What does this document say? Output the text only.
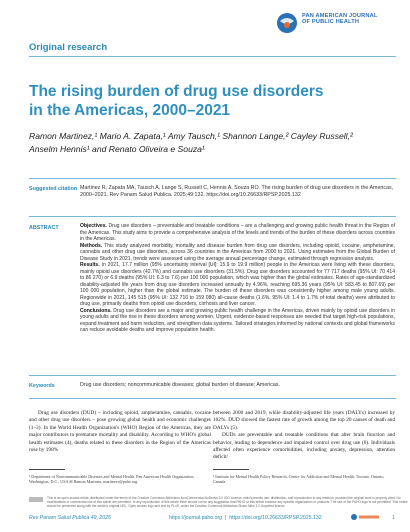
PAN AMERICAN JOURNAL
OF PUBLIC HEALTH
Original research
The rising burden of drug use disorders in the Americas, 2000–2021
Ramon Martinez,¹ Mario A. Zapata,¹ Amy Tausch,¹ Shannon Lange,² Cayley Russell,² Anselm Hennis¹ and Renato Oliveira e Souza¹
Suggested citation Martinez R, Zapata MA, Tausch A, Lange S, Russell C, Hennis A, Souza RO. The rising burden of drug use disorders in the Americas, 2000–2021. Rev Panam Salud Publica. 2025;49:132. https://doi.org/10.26633/RPSP.2025.132
ABSTRACT	Objectives. Drug use disorders – preventable and treatable conditions – are a challenging and growing public health threat in the Region of the Americas. This study aims to provide a comprehensive analysis of the levels and trends of the burden of these disorders across countries in the Americas.

Methods. This study analyzed morbidity, mortality and disease burden from drug use disorders, including opioid, cocaine, amphetamine, cannabis and other drug use disorders, across 36 countries in the Americas from 2000 to 2021. Using estimates from the Global Burden of Disease Study in 2021, trends were assessed using the average annual percentage change, estimated through regression analysis.

Results. In 2021, 17.7 million (95% uncertainty interval [UI]: 15.9 to 19.9 million) people in the Americas were living with these disorders, mainly opioid use disorders (42.7%) and cannabis use disorders (31.5%). Drug use disorders accounted for 77 717 deaths (95% UI: 70 414 to 86 270) or 6.9 deaths (95% UI: 6.3 to 7.6) per 100 000 population, which was higher than the global estimates. Rates of age-standardized disability-adjusted life years from drug use disorders increased annually by 4.96%, reaching 695.36 years (95% UI: 583.45 to 807.69) per 100 000 population, higher than the global estimate. The burden of these disorders was consistently higher among male young adults. Regionwide in 2021, 145 515 (95% UI: 132 710 to 159 080) all-cause deaths (1.6%, 95% UI: 1.4 to 1.7% of total deaths) were attributed to drug use, primarily deaths from opioid use disorders, cirrhosis and liver cancer.

Conclusions. Drug use disorders are a major and growing public health challenge in the Americas, driven mainly by opioid use disorders in young adults and the rise in these disorders among women. Urgent, evidence-based responses are needed that target high-risk populations, expand treatment and harm reduction, and strengthen data systems. Tailored strategies informed by national contexts and global frameworks can reduce avoidable deaths and improve population health.

Keywords	Drug use disorders; noncommunicable diseases; global burden of disease; Americas.

Drug use disorders (DUD) – including opioid, amphetamine, cannabis, cocaine and other drug use disorders – pose growing global health and economic challenges (1–3). In the World Health Organization's (WHO) Region of the Americas, they are major contributors to premature mortality and disability. According to WHO's global health estimates (4), deaths related to these disorders in the Region of the Americas rose by 198%

between 2000 and 2019, while disability-adjusted life years (DALYs) increased by 102%. DUD showed the fastest rate of growth among the top 20 causes of death and DALYs (5).

DUDs are preventable and treatable conditions that alter brain function and behavior, leading to dependence and impaired control over drug use (6). Individuals affected often experience comorbidities, including anxiety, depression, attention deficit/

¹ Department of Noncommunicable Diseases and Mental Health, Pan American Health Organization, Washington, D.C., USA ✉ Ramon Martinez, martinezr@paho.org
² Institute for Mental Health Policy Research, Centre for Addiction and Mental Health, Toronto, Ontario, Canada
This is an open access article distributed under the terms of the Creative Commons Attribution-NonCommercial-NoDerivs 3.0 IGO License, which permits use, distribution, and reproduction in any medium, provided the original work is properly cited. No modifications or commercial use of this article are permitted. In any reproduction of this article there should not be any suggestion that PAHO or this article endorse any specific organization or products. The use of the PAHO logo is not permitted. This notice should be preserved along with the article's original URL. Open access logo and text by PLoS, under the Creative Commons Attribution-Share Alike 3.0 Unported license.
Rev Panam Salud Publica 49, 2025	https://journal.paho.org  |  https://doi.org/10.26633/RPSP.2025.132	1
